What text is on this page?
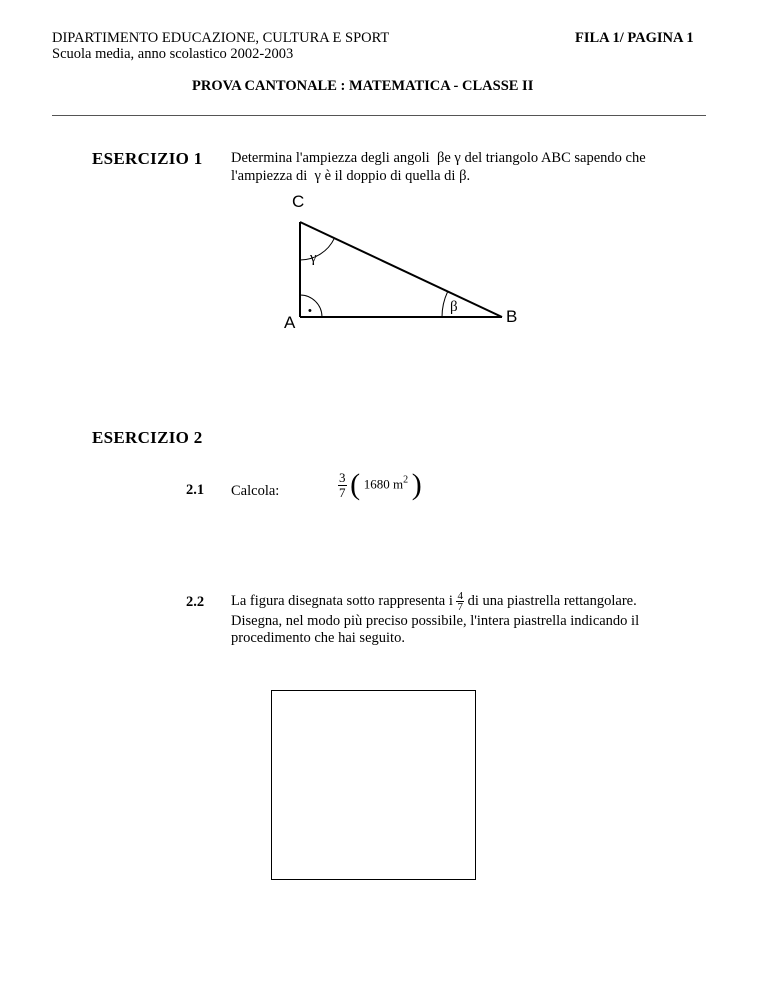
DIPARTIMENTO EDUCAZIONE, CULTURA E SPORT
Scuola media, anno scolastico 2002-2003
FILA 1/ PAGINA 1
PROVA CANTONALE : MATEMATICA - CLASSE II
ESERCIZIO 1 Determina l'ampiezza degli angoli βe γ del triangolo ABC sapendo che
l'ampiezza di γ è il doppio di quella di β.
•
γ
β
C
A	B
ESERCIZIO 2
2.1 Calcola:	$\frac{3}{7}$ ( 1680 $m^2$ )
2.2 La figura disegnata sotto rappresenta i $\frac{4}{7}$ di una piastrella rettangolare.
Disegna, nel modo più preciso possibile, l'intera piastrella indicando il
procedimento che hai seguito.
